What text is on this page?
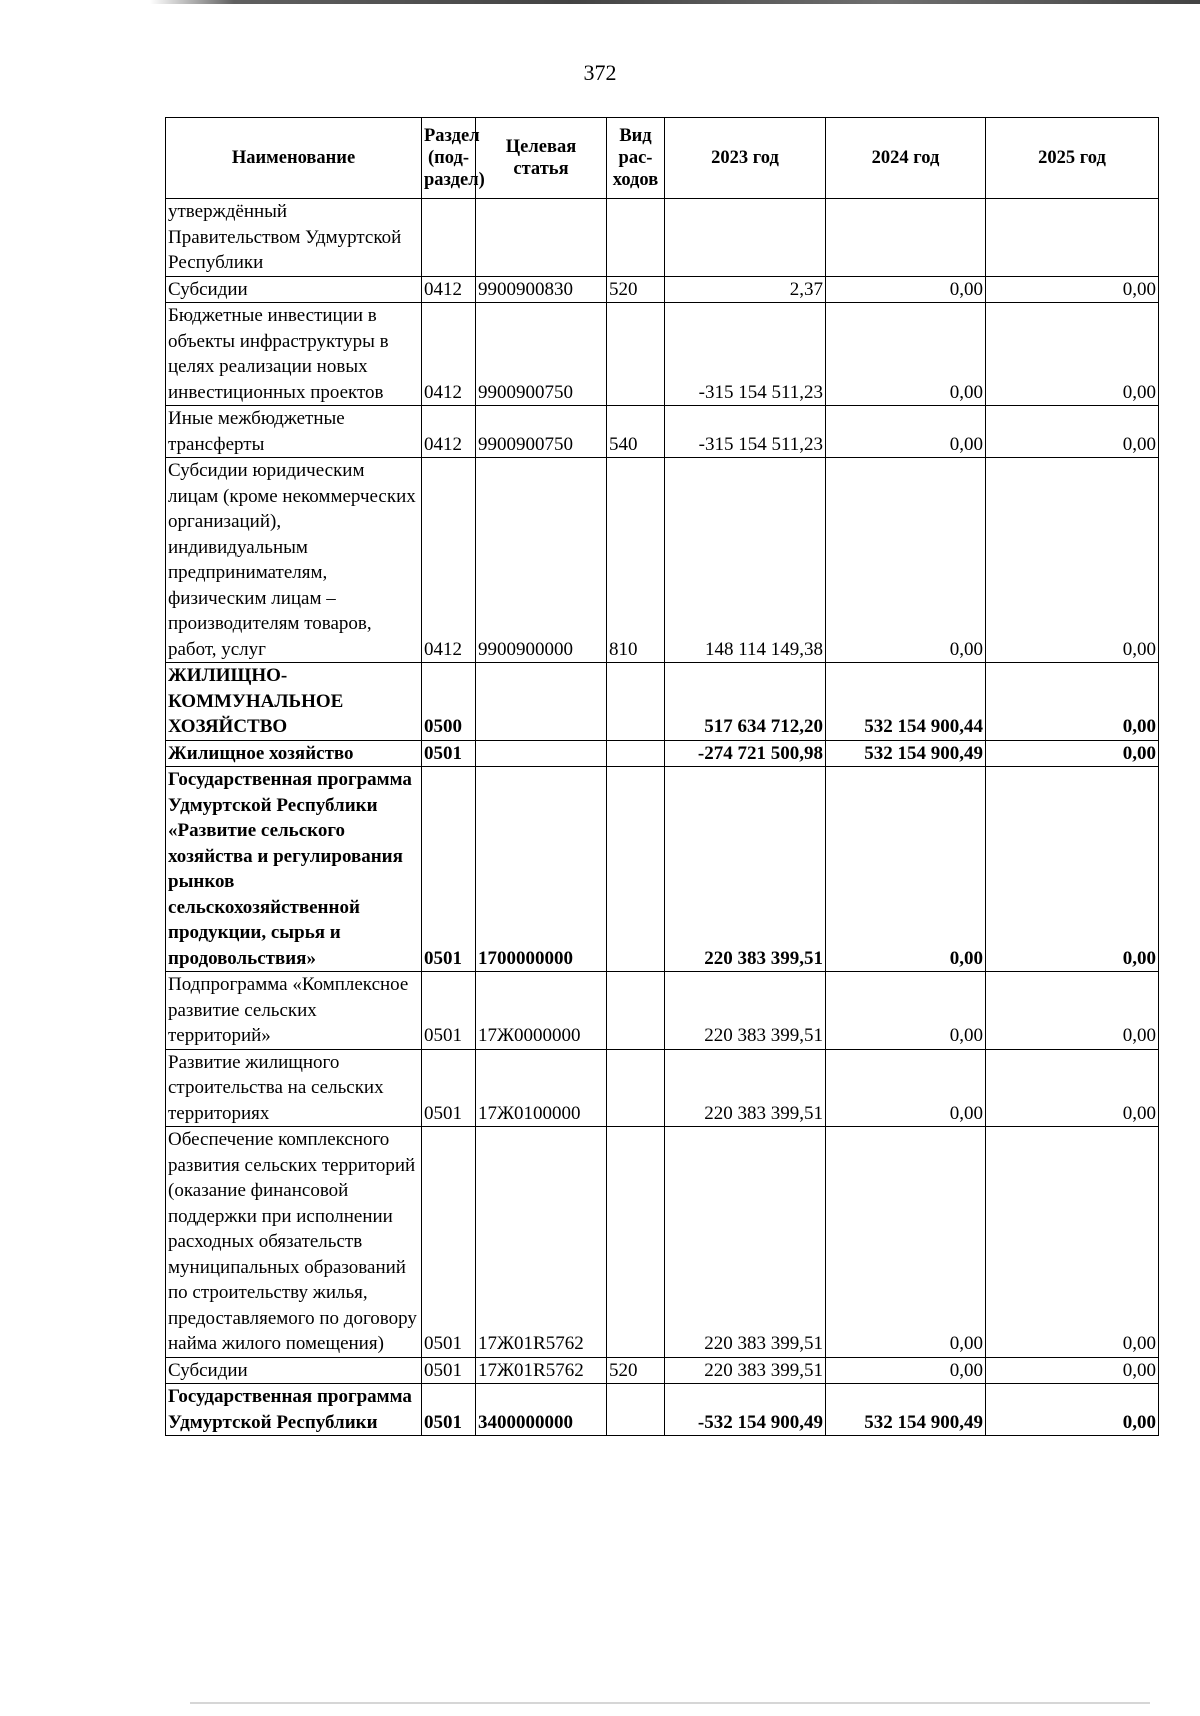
372
Наименование	Раздел (под-раздел)	Целевая статья	Вид рас-ходов	2023 год	2024 год	2025 год
утверждённый Правительством Удмуртской Республики						
Субсидии	0412	9900900830	520	2,37	0,00	0,00
Бюджетные инвестиции в объекты инфраструктуры в целях реализации новых инвестиционных проектов	0412	9900900750		-315 154 511,23	0,00	0,00
Иные межбюджетные трансферты	0412	9900900750	540	-315 154 511,23	0,00	0,00
Субсидии юридическим лицам (кроме некоммерческих организаций), индивидуальным предпринимателям, физическим лицам – производителям товаров, работ, услуг	0412	9900900000	810	148 114 149,38	0,00	0,00
ЖИЛИЩНО-КОММУНАЛЬНОЕ ХОЗЯЙСТВО	0500			517 634 712,20	532 154 900,44	0,00
Жилищное хозяйство	0501			-274 721 500,98	532 154 900,49	0,00
Государственная программа Удмуртской Республики «Развитие сельского хозяйства и регулирования рынков сельскохозяйственной продукции, сырья и продовольствия»	0501	1700000000		220 383 399,51	0,00	0,00
Подпрограмма «Комплексное развитие сельских территорий»	0501	17Ж0000000		220 383 399,51	0,00	0,00
Развитие жилищного строительства на сельских территориях	0501	17Ж0100000		220 383 399,51	0,00	0,00
Обеспечение комплексного развития сельских территорий (оказание финансовой поддержки при исполнении расходных обязательств муниципальных образований по строительству жилья, предоставляемого по договору найма жилого помещения)	0501	17Ж01R5762		220 383 399,51	0,00	0,00
Субсидии	0501	17Ж01R5762	520	220 383 399,51	0,00	0,00
Государственная программа Удмуртской Республики	0501	3400000000		-532 154 900,49	532 154 900,49	0,00
